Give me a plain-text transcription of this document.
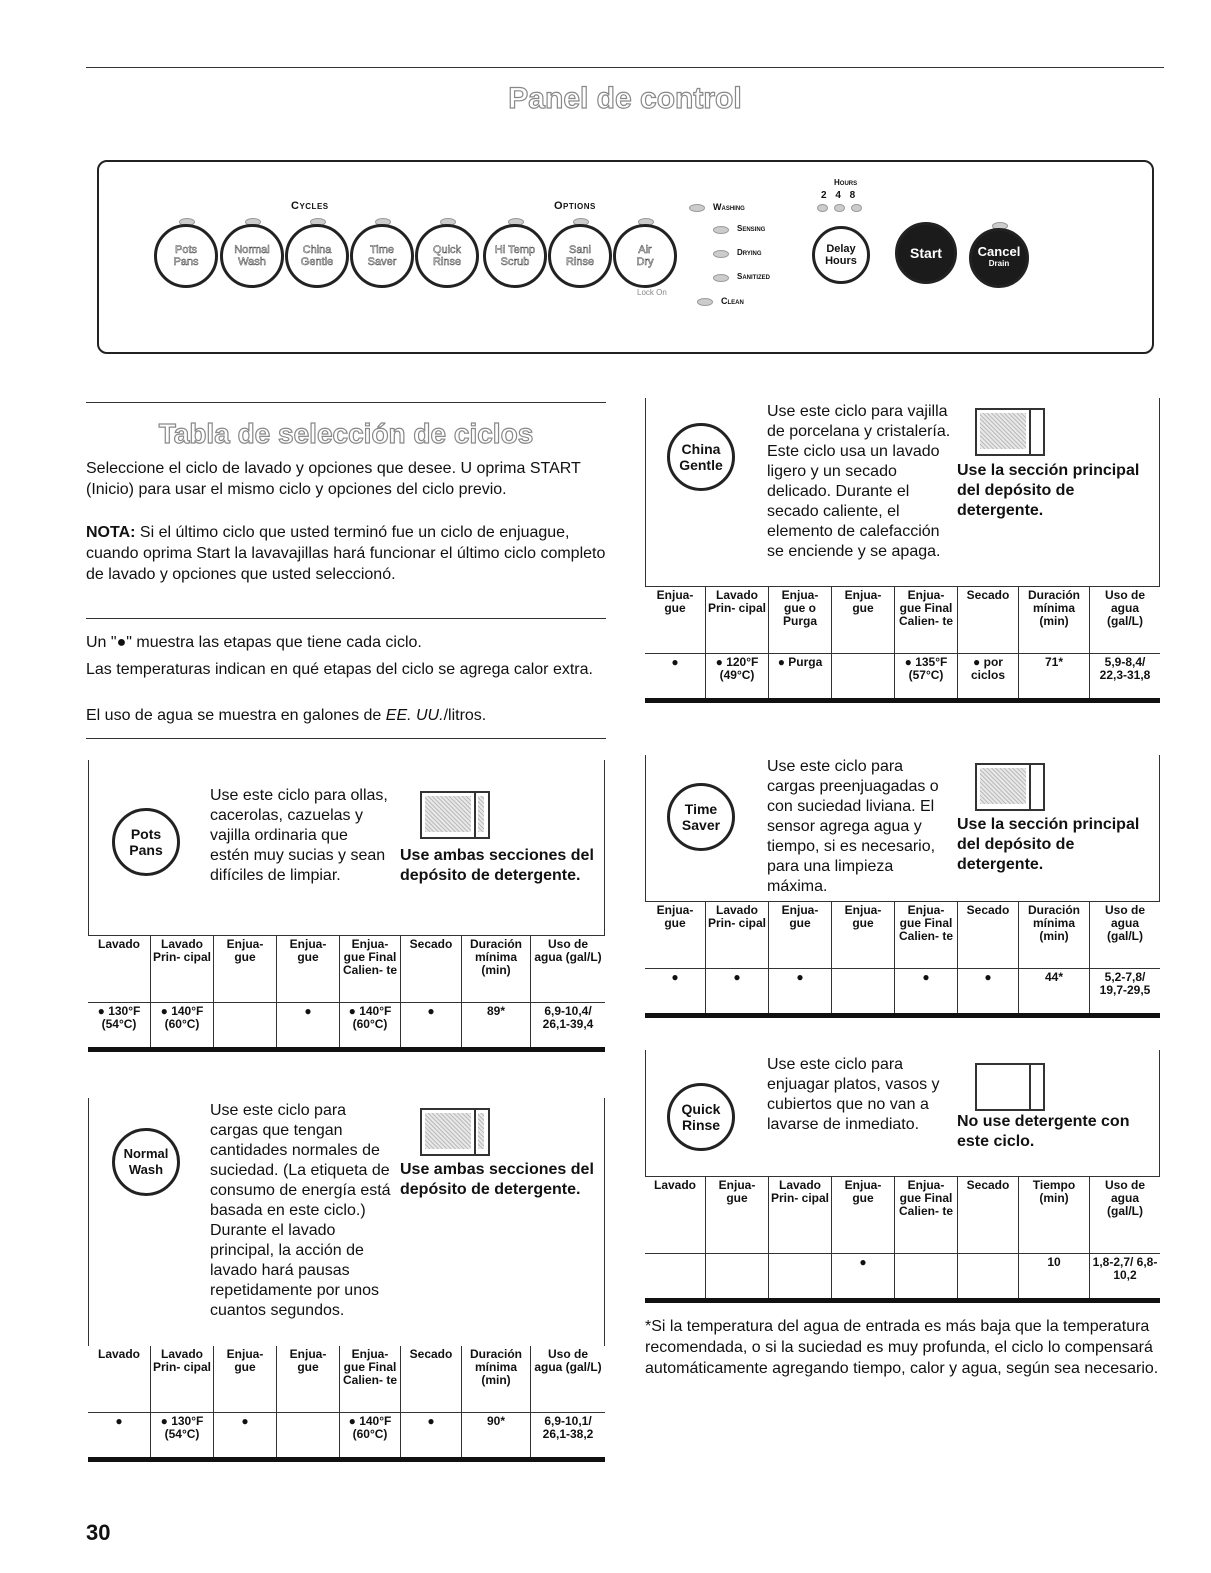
Panel de control
Cycles	Options
Pots
Pans
Normal
Wash
China
Gentle
Time
Saver
Quick
Rinse
Hi Temp
Scrub
Sani
Rinse
Air
Dry
Lock On
Washing
Sensing
Drying
Sanitized
Clean
Hours
2 4 8
Delay
Hours	Start	Cancel
Drain
Tabla de selección de ciclos
Seleccione el ciclo de lavado y opciones que desee. U oprima START (Inicio) para usar el mismo ciclo y opciones del ciclo previo.
NOTA: Si el último ciclo que usted terminó fue un ciclo de enjuague, cuando oprima Start la lavavajillas hará funcionar el último ciclo completo de lavado y opciones que usted seleccionó.
Un "●" muestra las etapas que tiene cada ciclo.
Las temperaturas indican en qué etapas del ciclo se agrega calor extra.
El uso de agua se muestra en galones de EE. UU./litros.
Pots
Pans
Use este ciclo para ollas, cacerolas, cazuelas y vajilla ordinaria que estén muy sucias y sean difíciles de limpiar.
Use ambas secciones del depósito de detergente.
Lavado	Lavado Prin- cipal	Enjua- gue	Enjua- gue	Enjua- gue Final Calien- te	Secado	Duración mínima (min)	Uso de agua (gal/L)
● 130°F (54°C)	● 140°F (60°C)		●	● 140°F (60°C)	●	89*	6,9-10,4/ 26,1-39,4
Normal
Wash
Use este ciclo para cargas que tengan cantidades normales de suciedad. (La etiqueta de consumo de energía está basada en este ciclo.) Durante el lavado principal, la acción de lavado hará pausas repetidamente por unos cuantos segundos.
Use ambas secciones del depósito de detergente.
Lavado	Lavado Prin- cipal	Enjua- gue	Enjua- gue	Enjua- gue Final Calien- te	Secado	Duración mínima (min)	Uso de agua (gal/L)
●	● 130°F (54°C)	●		● 140°F (60°C)	●	90*	6,9-10,1/ 26,1-38,2
China
Gentle
Use este ciclo para vajilla de porcelana y cristalería. Este ciclo usa un lavado ligero y un secado delicado. Durante el secado caliente, el elemento de calefacción se enciende y se apaga.
Use la sección principal del depósito de detergente.
Enjua- gue	Lavado Prin- cipal	Enjua- gue o Purga	Enjua- gue	Enjua- gue Final Calien- te	Secado	Duración mínima (min)	Uso de agua (gal/L)
●	● 120°F (49°C)	● Purga		● 135°F (57°C)	● por ciclos	71*	5,9-8,4/ 22,3-31,8
Time
Saver
Use este ciclo para cargas preenjuagadas o con suciedad liviana. El sensor agrega agua y tiempo, si es necesario, para una limpieza máxima.
Use la sección principal del depósito de detergente.
Enjua- gue	Lavado Prin- cipal	Enjua- gue	Enjua- gue	Enjua- gue Final Calien- te	Secado	Duración mínima (min)	Uso de agua (gal/L)
●	●	●		●	●	44*	5,2-7,8/ 19,7-29,5
Quick
Rinse
Use este ciclo para enjuagar platos, vasos y cubiertos que no van a lavarse de inmediato.	No use detergente con este ciclo.
Lavado	Enjua- gue	Lavado Prin- cipal	Enjua- gue	Enjua- gue Final Calien- te	Secado	Tiempo (min)	Uso de agua (gal/L)
			●			10	1,8-2,7/ 6,8-10,2
*Si la temperatura del agua de entrada es más baja que la temperatura recomendada, o si la suciedad es muy profunda, el ciclo lo compensará automáticamente agregando tiempo, calor y agua, según sea necesario.
30
